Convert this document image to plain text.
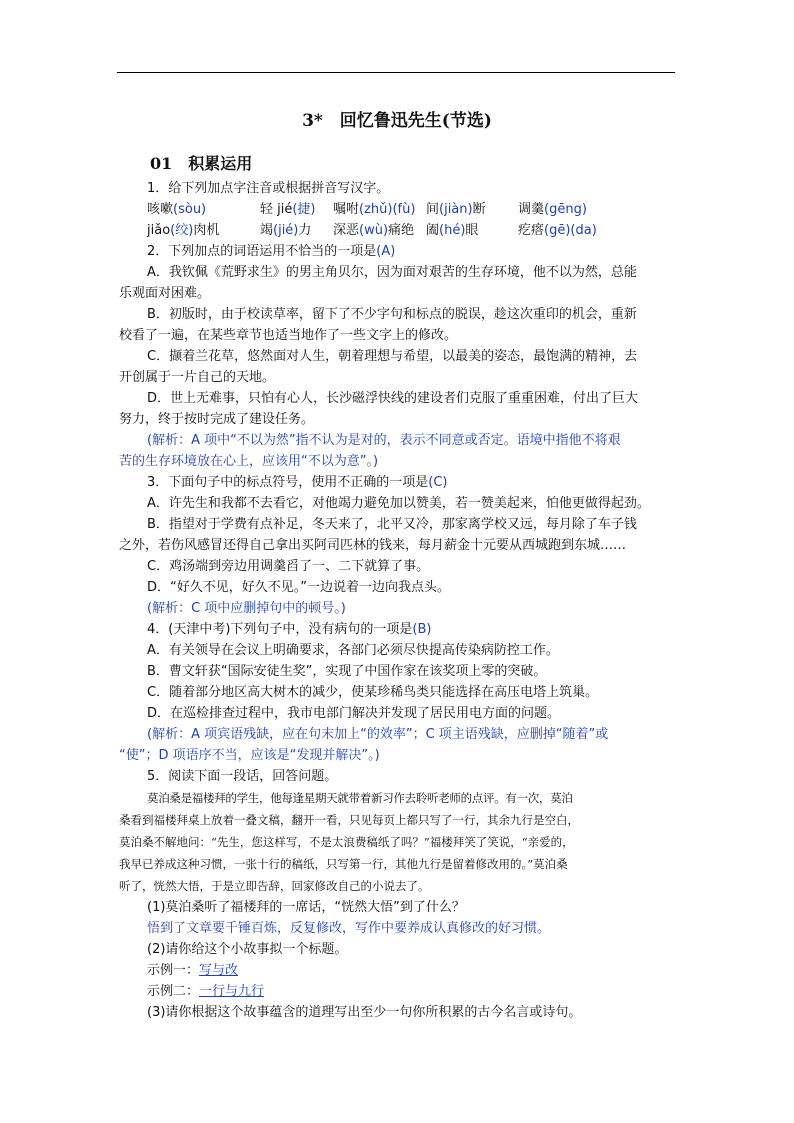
3*　回忆鲁迅先生(节选)
01　积累运用
1．给下列加点字注音或根据拼音写汉字。
咳嗽(sòu)	轻 jié(捷)	嘱咐(zhǔ)(fù) 间(jiàn)断	调羹(gēng)
jiǎo(绞)肉机	竭(jié)力	深恶(wù)痛绝 阖(hé)眼	疙瘩(gē)(da)
2．下列加点的词语运用不恰当的一项是(A)
A．我钦佩《荒野求生》的男主角贝尔，因为面对艰苦的生存环境，他不以为然，总能
乐观面对困难。
B．初版时，由于校读草率，留下了不少字句和标点的脱误，趁这次重印的机会，重新
校看了一遍，在某些章节也适当地作了一些文字上的修改。
C．撷着兰花草，悠然面对人生，朝着理想与希望，以最美的姿态，最饱满的精神，去
开创属于一片自己的天地。
D．世上无难事，只怕有心人，长沙磁浮快线的建设者们克服了重重困难，付出了巨大
努力，终于按时完成了建设任务。
(解析：A 项中“不以为然”指不认为是对的，表示不同意或否定。语境中指他不将艰
苦的生存环境放在心上，应该用“不以为意”。)
3．下面句子中的标点符号，使用不正确的一项是(C)
A．许先生和我都不去看它，对他竭力避免加以赞美，若一赞美起来，怕他更做得起劲。
B．指望对于学费有点补足，冬天来了，北平又冷，那家离学校又远，每月除了车子钱
之外，若伤风感冒还得自己拿出买阿司匹林的钱来，每月薪金十元要从西城跑到东城……
C．鸡汤端到旁边用调羹舀了一、二下就算了事。
D．“好久不见，好久不见。”一边说着一边向我点头。
(解析：C 项中应删掉句中的顿号。)
4．(天津中考)下列句子中，没有病句的一项是(B)
A．有关领导在会议上明确要求，各部门必须尽快提高传染病防控工作。
B．曹文轩获“国际安徒生奖”，实现了中国作家在该奖项上零的突破。
C．随着部分地区高大树木的减少，使某珍稀鸟类只能选择在高压电塔上筑巢。
D．在巡检排查过程中，我市电部门解决并发现了居民用电方面的问题。
(解析：A 项宾语残缺，应在句末加上“的效率”；C 项主语残缺，应删掉“随着”或
“使”；D 项语序不当，应该是“发现并解决”。)
5．阅读下面一段话，回答问题。
莫泊桑是福楼拜的学生，他每逢星期天就带着新习作去聆听老师的点评。有一次，莫泊
桑看到福楼拜桌上放着一叠文稿，翻开一看，只见每页上都只写了一行，其余九行是空白，
莫泊桑不解地问：“先生，您这样写，不是太浪费稿纸了吗？”福楼拜笑了笑说，“亲爱的，
我早已养成这种习惯，一张十行的稿纸，只写第一行，其他九行是留着修改用的。”莫泊桑
听了，恍然大悟，于是立即告辞，回家修改自己的小说去了。
(1)莫泊桑听了福楼拜的一席话，“恍然大悟”到了什么？
悟到了文章要千锤百炼，反复修改，写作中要养成认真修改的好习惯。
(2)请你给这个小故事拟一个标题。
示例一：写与改
示例二：一行与九行
(3)请你根据这个故事蕴含的道理写出至少一句你所积累的古今名言或诗句。
